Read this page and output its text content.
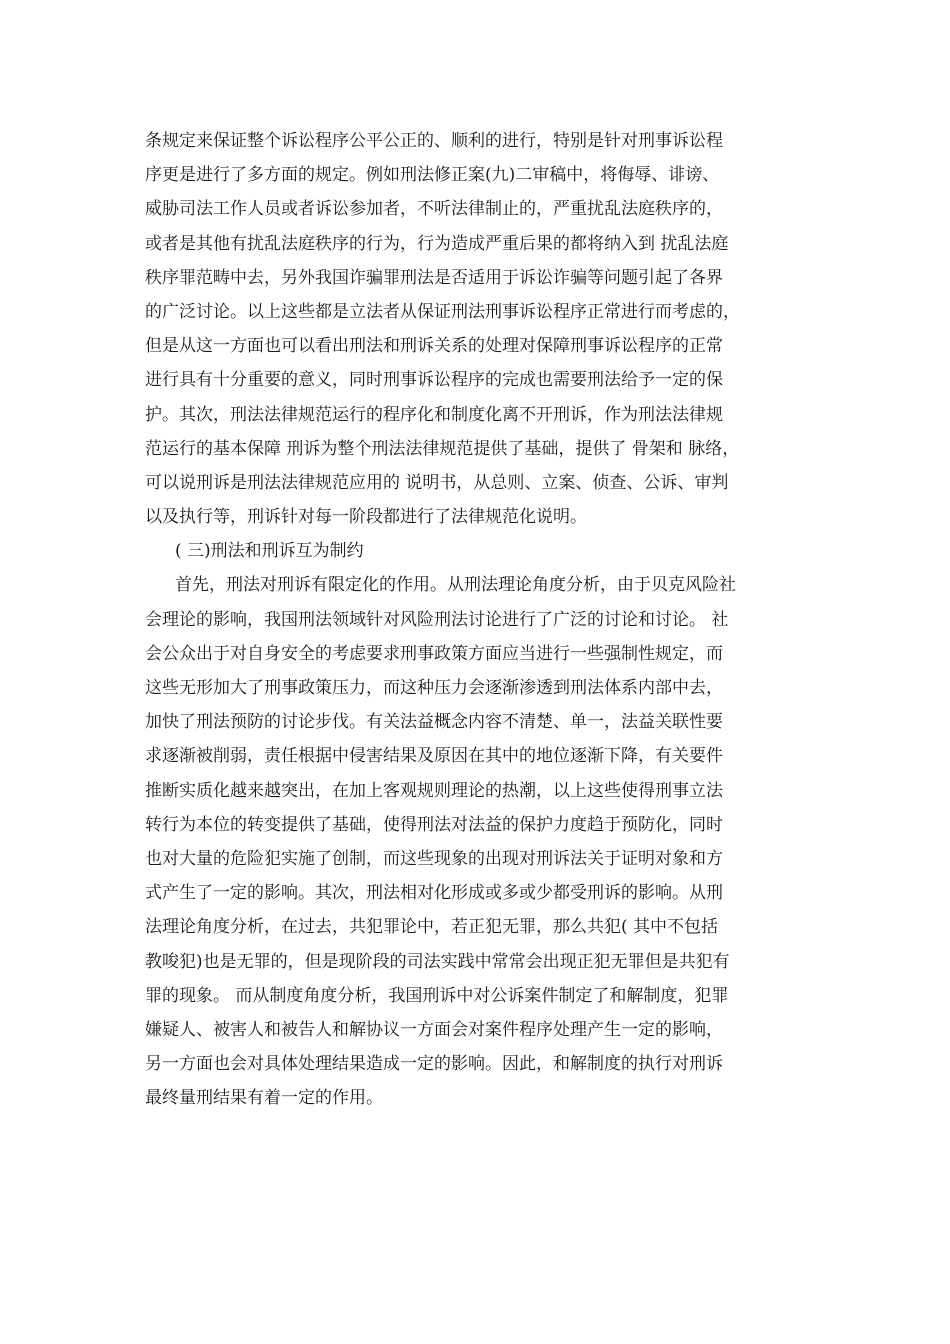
条规定来保证整个诉讼程序公平公正的、顺利的进行，特别是针对刑事诉讼程
序更是进行了多方面的规定。例如刑法修正案(九)二审稿中，将侮辱、诽谤、
威胁司法工作人员或者诉讼参加者，不听法律制止的，严重扰乱法庭秩序的，
或者是其他有扰乱法庭秩序的行为，行为造成严重后果的都将纳入到 扰乱法庭
秩序罪范畴中去，另外我国诈骗罪刑法是否适用于诉讼诈骗等问题引起了各界
的广泛讨论。以上这些都是立法者从保证刑法刑事诉讼程序正常进行而考虑的，
但是从这一方面也可以看出刑法和刑诉关系的处理对保障刑事诉讼程序的正常
进行具有十分重要的意义，同时刑事诉讼程序的完成也需要刑法给予一定的保
护。其次，刑法法律规范运行的程序化和制度化离不开刑诉，作为刑法法律规
范运行的基本保障 刑诉为整个刑法法律规范提供了基础，提供了 骨架和 脉络，
可以说刑诉是刑法法律规范应用的 说明书，从总则、立案、侦查、公诉、审判
以及执行等，刑诉针对每一阶段都进行了法律规范化说明。
( 三)刑法和刑诉互为制约
首先，刑法对刑诉有限定化的作用。从刑法理论角度分析，由于贝克风险社
会理论的影响，我国刑法领域针对风险刑法讨论进行了广泛的讨论和讨论。 社
会公众出于对自身安全的考虑要求刑事政策方面应当进行一些强制性规定，而
这些无形加大了刑事政策压力，而这种压力会逐渐渗透到刑法体系内部中去，
加快了刑法预防的讨论步伐。有关法益概念内容不清楚、单一，法益关联性要
求逐渐被削弱，责任根据中侵害结果及原因在其中的地位逐渐下降，有关要件
推断实质化越来越突出，在加上客观规则理论的热潮，以上这些使得刑事立法
转行为本位的转变提供了基础，使得刑法对法益的保护力度趋于预防化，同时
也对大量的危险犯实施了创制，而这些现象的出现对刑诉法关于证明对象和方
式产生了一定的影响。其次，刑法相对化形成或多或少都受刑诉的影响。从刑
法理论角度分析，在过去，共犯罪论中，若正犯无罪，那么共犯( 其中不包括
教唆犯)也是无罪的，但是现阶段的司法实践中常常会出现正犯无罪但是共犯有
罪的现象。 而从制度角度分析，我国刑诉中对公诉案件制定了和解制度，犯罪
嫌疑人、被害人和被告人和解协议一方面会对案件程序处理产生一定的影响，
另一方面也会对具体处理结果造成一定的影响。因此，和解制度的执行对刑诉
最终量刑结果有着一定的作用。
